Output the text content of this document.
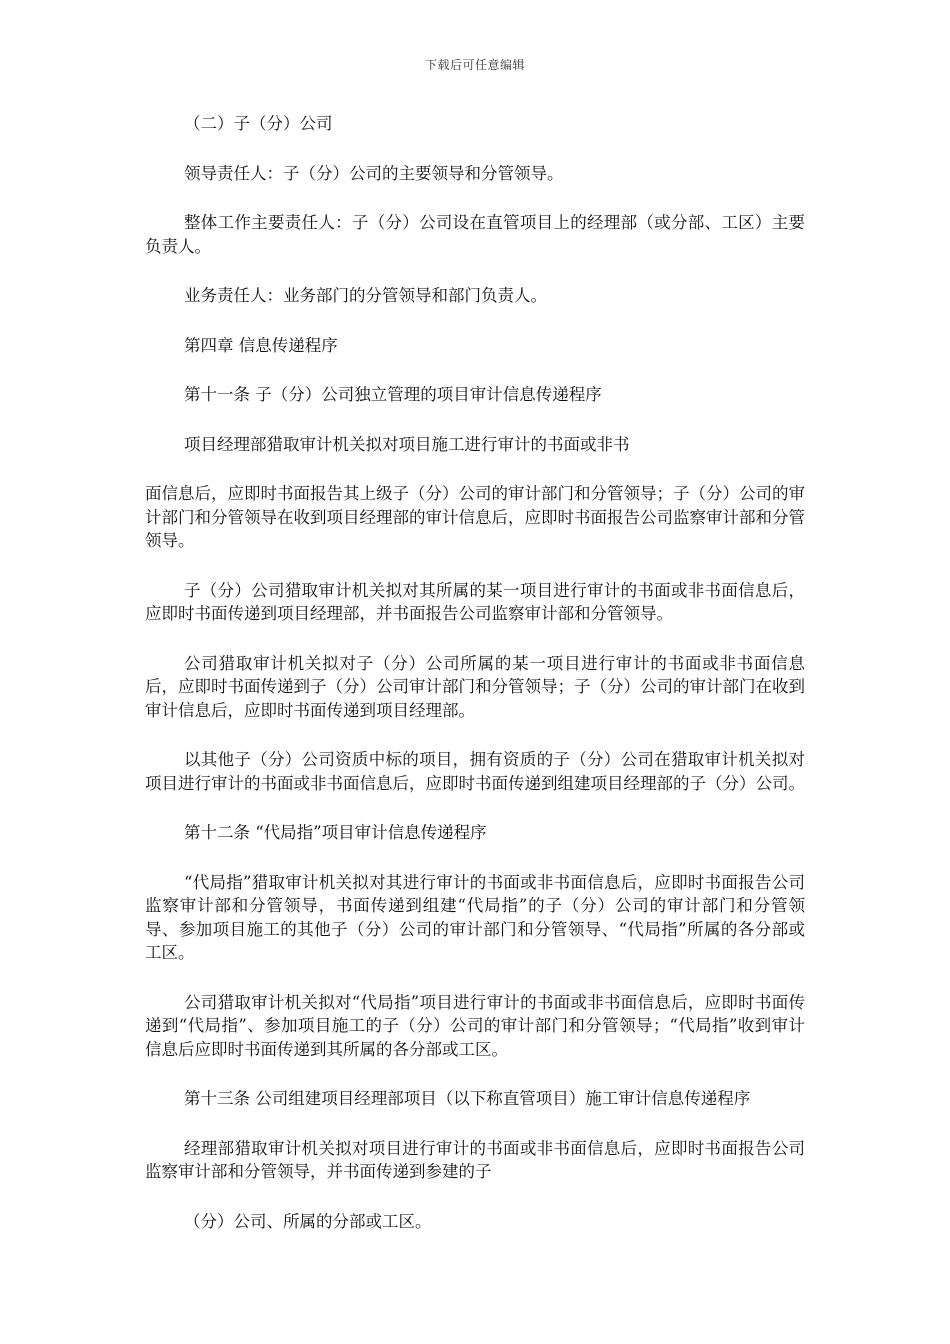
下载后可任意编辑

（二）子（分）公司

领导责任人：子（分）公司的主要领导和分管领导。

整体工作主要责任人：子（分）公司设在直管项目上的经理部（或分部、工区）主要负责人。

业务责任人：业务部门的分管领导和部门负责人。

第四章 信息传递程序

第十一条 子（分）公司独立管理的项目审计信息传递程序

项目经理部猎取审计机关拟对项目施工进行审计的书面或非书

面信息后，应即时书面报告其上级子（分）公司的审计部门和分管领导；子（分）公司的审计部门和分管领导在收到项目经理部的审计信息后，应即时书面报告公司监察审计部和分管领导。

子（分）公司猎取审计机关拟对其所属的某一项目进行审计的书面或非书面信息后，应即时书面传递到项目经理部，并书面报告公司监察审计部和分管领导。

公司猎取审计机关拟对子（分）公司所属的某一项目进行审计的书面或非书面信息后，应即时书面传递到子（分）公司审计部门和分管领导；子（分）公司的审计部门在收到审计信息后，应即时书面传递到项目经理部。

以其他子（分）公司资质中标的项目，拥有资质的子（分）公司在猎取审计机关拟对项目进行审计的书面或非书面信息后，应即时书面传递到组建项目经理部的子（分）公司。

第十二条 “代局指”项目审计信息传递程序

“代局指”猎取审计机关拟对其进行审计的书面或非书面信息后，应即时书面报告公司监察审计部和分管领导，书面传递到组建“代局指”的子（分）公司的审计部门和分管领导、参加项目施工的其他子（分）公司的审计部门和分管领导、“代局指”所属的各分部或工区。

公司猎取审计机关拟对“代局指”项目进行审计的书面或非书面信息后，应即时书面传递到“代局指”、参加项目施工的子（分）公司的审计部门和分管领导；“代局指”收到审计信息后应即时书面传递到其所属的各分部或工区。

第十三条 公司组建项目经理部项目（以下称直管项目）施工审计信息传递程序

经理部猎取审计机关拟对项目进行审计的书面或非书面信息后，应即时书面报告公司监察审计部和分管领导，并书面传递到参建的子

（分）公司、所属的分部或工区。
